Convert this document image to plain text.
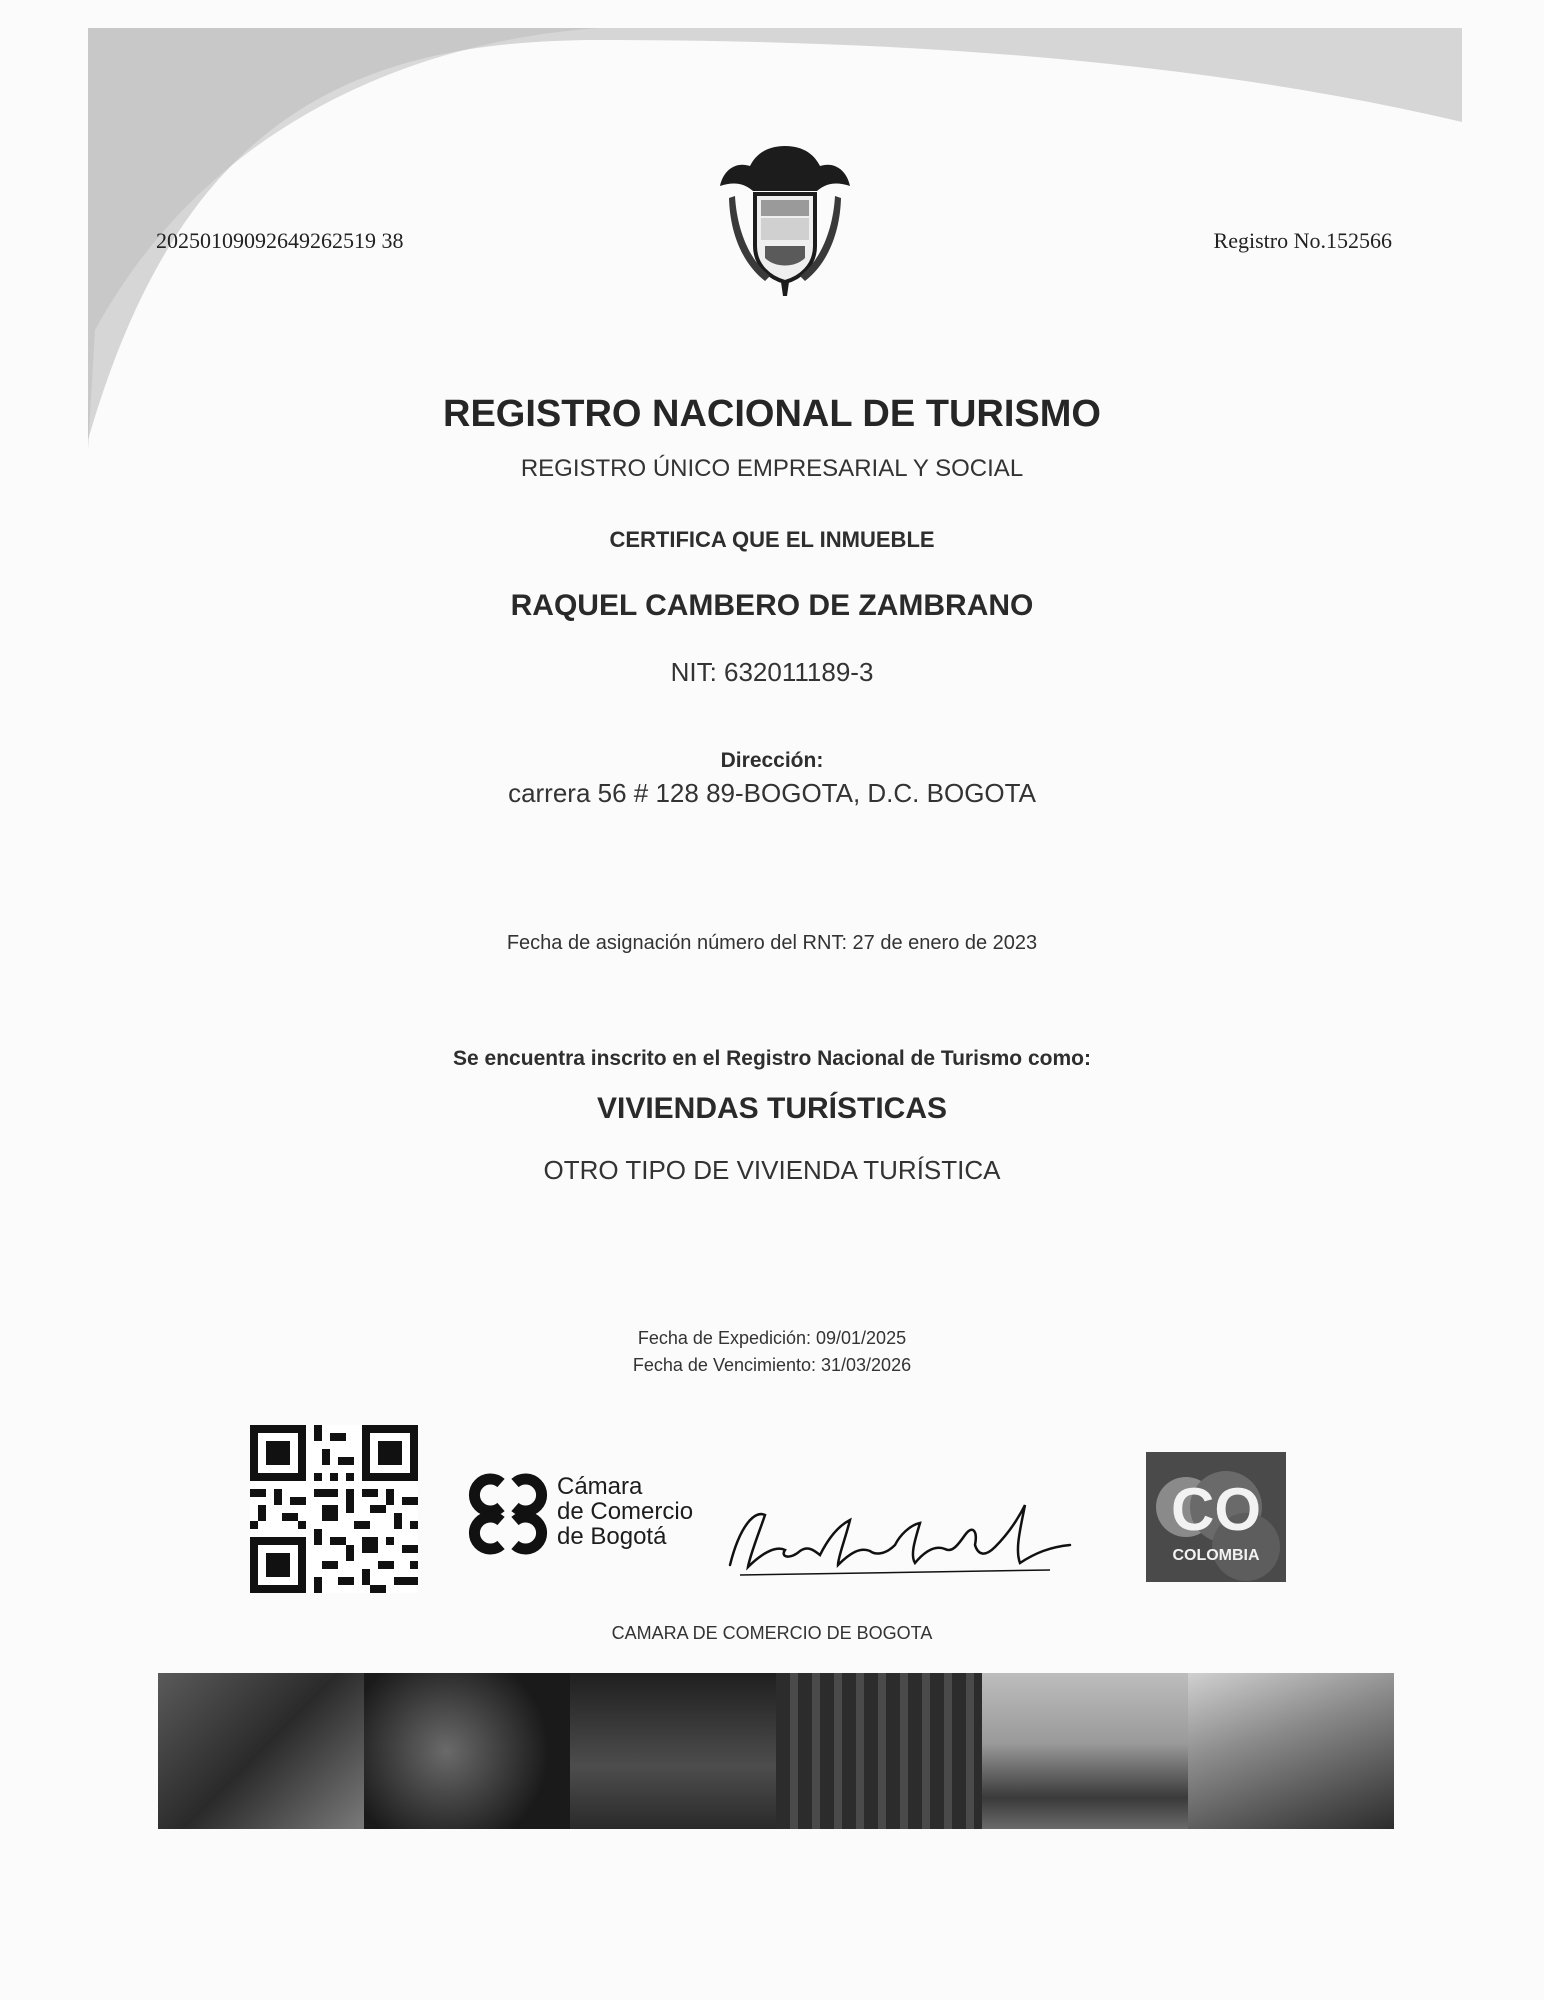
20250109092649262519 38	Registro No.152566
REGISTRO NACIONAL DE TURISMO
REGISTRO ÚNICO EMPRESARIAL Y SOCIAL
CERTIFICA QUE EL INMUEBLE
RAQUEL CAMBERO DE ZAMBRANO
NIT: 632011189-3
Dirección:
carrera 56 # 128 89-BOGOTA, D.C. BOGOTA
Fecha de asignación número del RNT: 27 de enero de 2023
Se encuentra inscrito en el Registro Nacional de Turismo como:
VIVIENDAS TURÍSTICAS
OTRO TIPO DE VIVIENDA TURÍSTICA
Fecha de Expedición: 09/01/2025
Fecha de Vencimiento: 31/03/2026
Cámara
de Comercio
de Bogotá	CO
COLOMBIA
CAMARA DE COMERCIO DE BOGOTA
